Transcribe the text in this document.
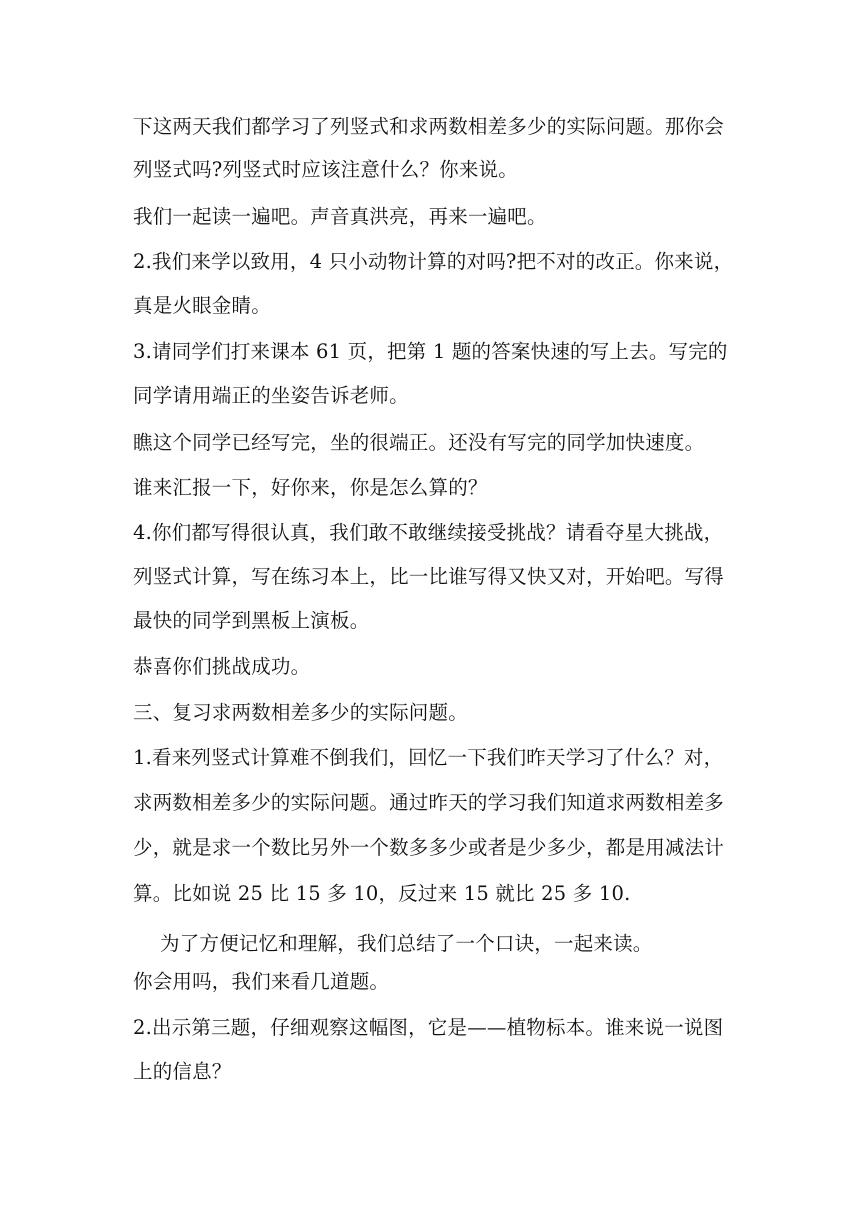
下这两天我们都学习了列竖式和求两数相差多少的实际问题。那你会
列竖式吗?列竖式时应该注意什么？你来说。
我们一起读一遍吧。声音真洪亮，再来一遍吧。
2.我们来学以致用，4 只小动物计算的对吗?把不对的改正。你来说，
真是火眼金睛。
3.请同学们打来课本 61 页，把第 1 题的答案快速的写上去。写完的
同学请用端正的坐姿告诉老师。
瞧这个同学已经写完，坐的很端正。还没有写完的同学加快速度。
谁来汇报一下，好你来，你是怎么算的？
4.你们都写得很认真，我们敢不敢继续接受挑战？请看夺星大挑战，
列竖式计算，写在练习本上，比一比谁写得又快又对，开始吧。写得
最快的同学到黑板上演板。
恭喜你们挑战成功。
三、复习求两数相差多少的实际问题。
1.看来列竖式计算难不倒我们，回忆一下我们昨天学习了什么？对，
求两数相差多少的实际问题。通过昨天的学习我们知道求两数相差多
少，就是求一个数比另外一个数多多少或者是少多少，都是用减法计
算。比如说 25 比 15 多 10，反过来 15 就比 25 多 10.
为了方便记忆和理解，我们总结了一个口诀，一起来读。
你会用吗，我们来看几道题。
2.出示第三题，仔细观察这幅图，它是——植物标本。谁来说一说图
上的信息？
